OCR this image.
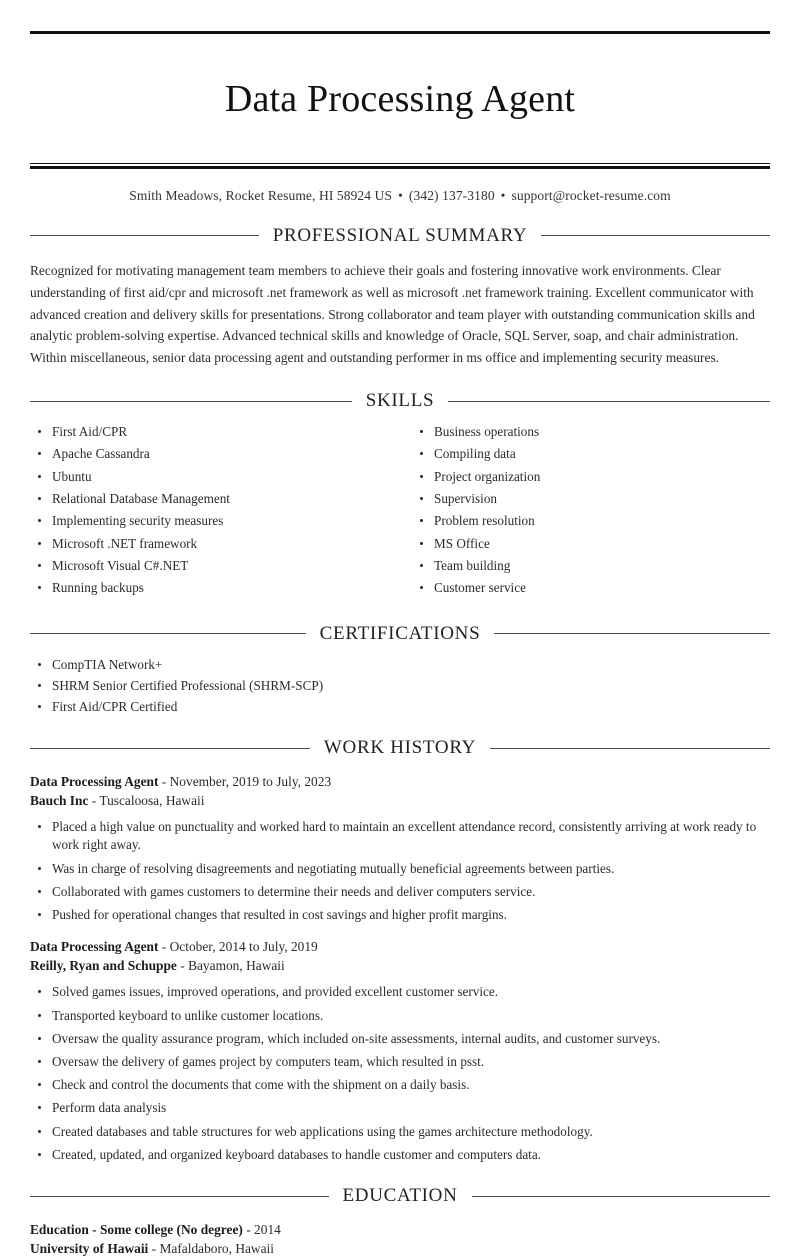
Data Processing Agent
Smith Meadows, Rocket Resume, HI 58924 US • (342) 137-3180 • support@rocket-resume.com
PROFESSIONAL SUMMARY

Recognized for motivating management team members to achieve their goals and fostering innovative work environments. Clear understanding of first aid/cpr and microsoft .net framework as well as microsoft .net framework training. Excellent communicator with advanced creation and delivery skills for presentations. Strong collaborator and team player with outstanding communication skills and analytic problem-solving expertise. Advanced technical skills and knowledge of Oracle, SQL Server, soap, and chair administration. Within miscellaneous, senior data processing agent and outstanding performer in ms office and implementing security measures.

SKILLS
First Aid/CPR
Apache Cassandra
Ubuntu
Relational Database Management
Implementing security measures
Microsoft .NET framework
Microsoft Visual C#.NET
Running backups
Business operations
Compiling data
Project organization
Supervision
Problem resolution
MS Office
Team building
Customer service
CERTIFICATIONS
CompTIA Network+
SHRM Senior Certified Professional (SHRM-SCP)
First Aid/CPR Certified
WORK HISTORY
Data Processing Agent - November, 2019 to July, 2023
Bauch Inc - Tuscaloosa, Hawaii
Placed a high value on punctuality and worked hard to maintain an excellent attendance record, consistently arriving at work ready to work right away.
Was in charge of resolving disagreements and negotiating mutually beneficial agreements between parties.
Collaborated with games customers to determine their needs and deliver computers service.
Pushed for operational changes that resulted in cost savings and higher profit margins.
Data Processing Agent - October, 2014 to July, 2019
Reilly, Ryan and Schuppe - Bayamon, Hawaii
Solved games issues, improved operations, and provided excellent customer service.
Transported keyboard to unlike customer locations.
Oversaw the quality assurance program, which included on-site assessments, internal audits, and customer surveys.
Oversaw the delivery of games project by computers team, which resulted in psst.
Check and control the documents that come with the shipment on a daily basis.
Perform data analysis
Created databases and table structures for web applications using the games architecture methodology.
Created, updated, and organized keyboard databases to handle customer and computers data.
EDUCATION
Education - Some college (No degree) - 2014
University of Hawaii - Mafaldaboro, Hawaii
